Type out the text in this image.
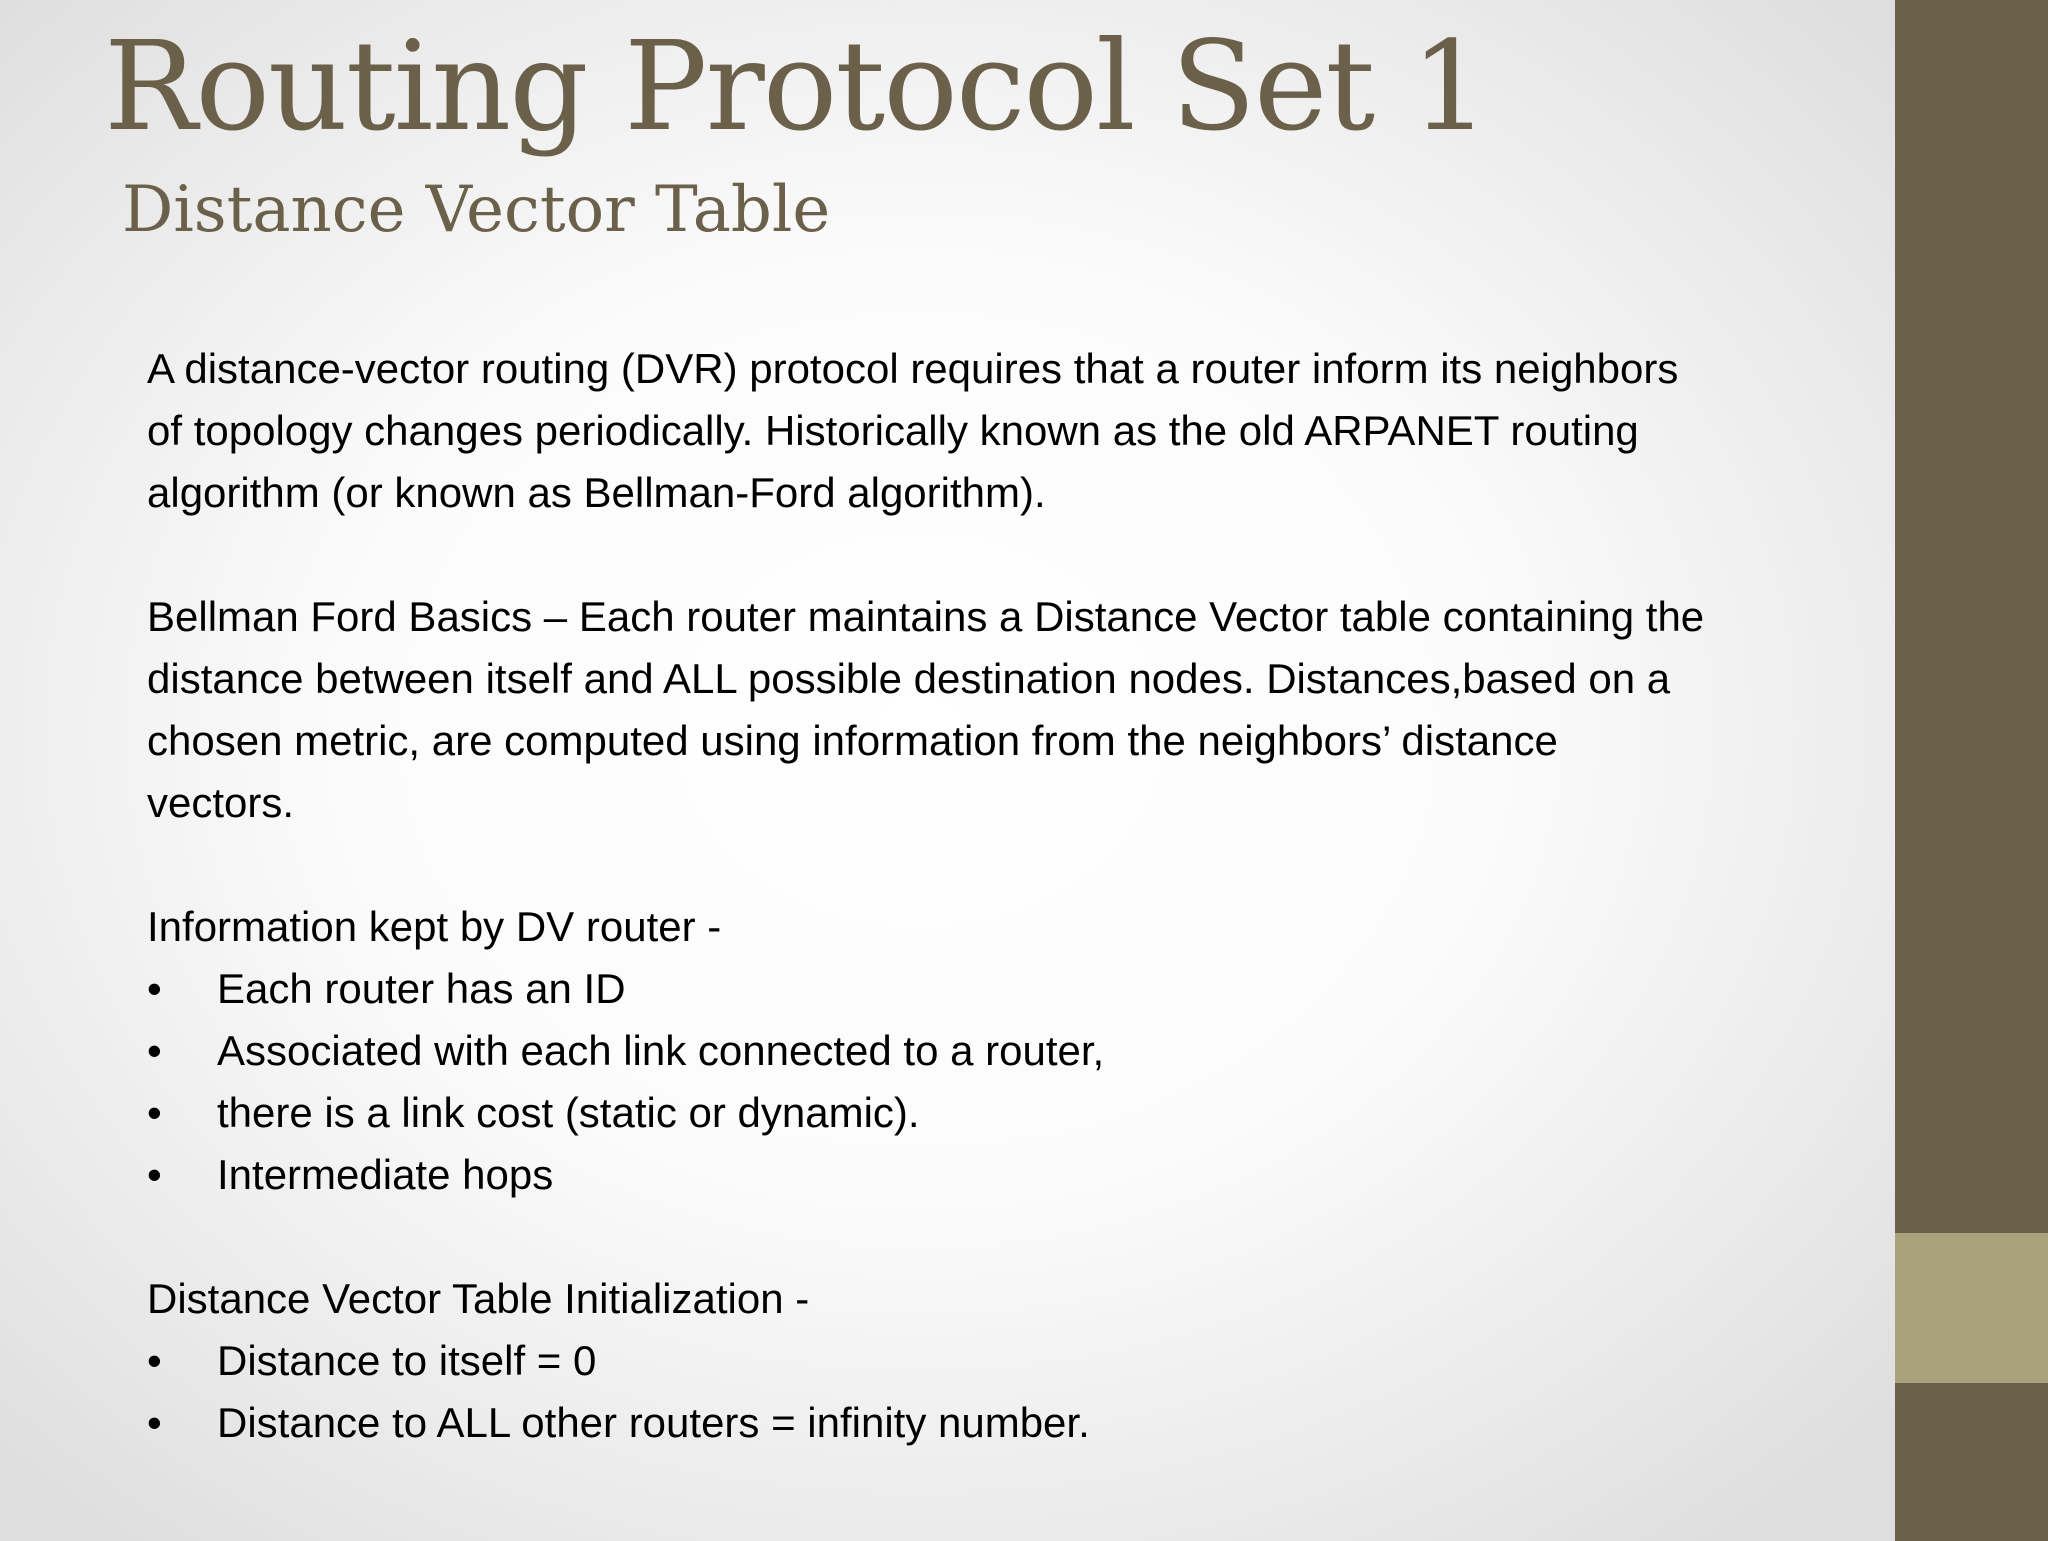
Routing Protocol Set 1
Distance Vector Table

A distance-vector routing (DVR) protocol requires that a router inform its neighbors
of topology changes periodically. Historically known as the old ARPANET routing
algorithm (or known as Bellman-Ford algorithm).

Bellman Ford Basics – Each router maintains a Distance Vector table containing the
distance between itself and ALL possible destination nodes. Distances,based on a
chosen metric, are computed using information from the neighbors’ distance
vectors.

Information kept by DV router -

•	Each router has an ID
•	Associated with each link connected to a router,
•	there is a link cost (static or dynamic).
•	Intermediate hops

Distance Vector Table Initialization -

•	Distance to itself = 0
•	Distance to ALL other routers = infinity number.
